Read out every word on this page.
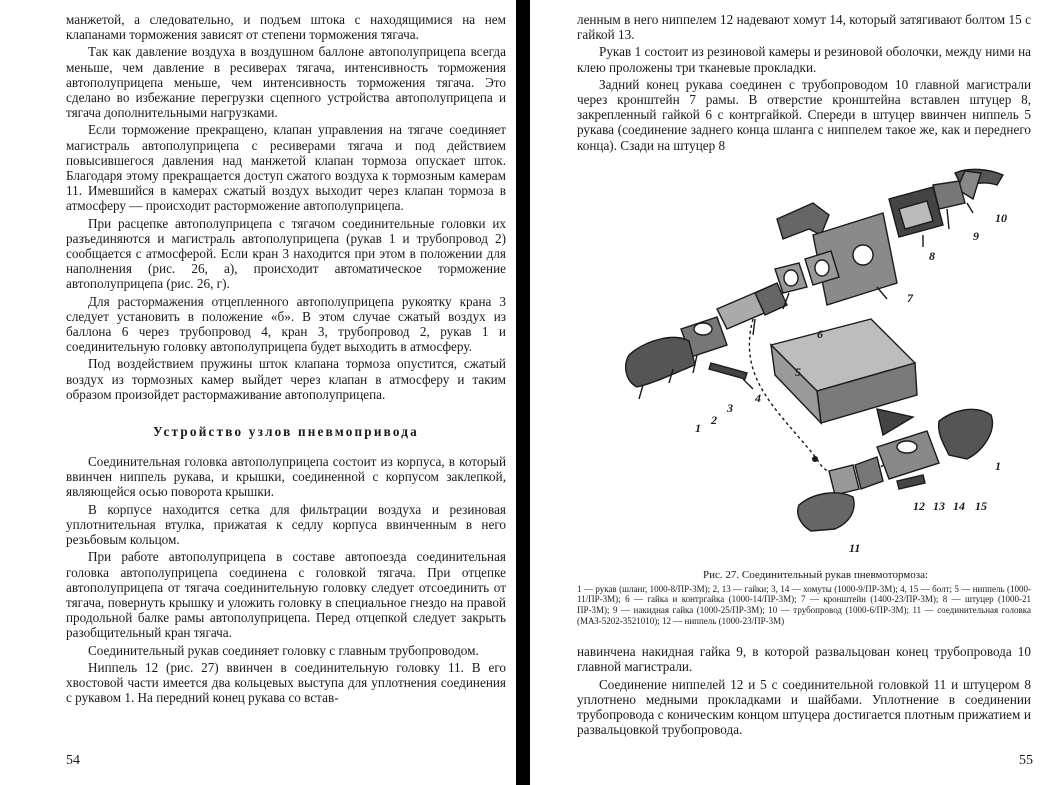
манжетой, а следовательно, и подъем штока с находящимися на нем клапанами торможения зависят от степени торможения тягача.

Так как давление воздуха в воздушном баллоне автополуприцепа всегда меньше, чем давление в ресиверах тягача, интенсивность торможения автополуприцепа меньше, чем интенсивность торможения тягача. Это сделано во избежание перегрузки сцепного устройства автополуприцепа и тягача дополнительными нагрузками.

Если торможение прекращено, клапан управления на тягаче соединяет магистраль автополуприцепа с ресиверами тягача и под действием повысившегося давления над манжетой клапан тормоза опускает шток. Благодаря этому прекращается доступ сжатого воздуха к тормозным камерам 11. Имевшийся в камерах сжатый воздух выходит через клапан тормоза в атмосферу — происходит расторможение автополуприцепа.

При расцепке автополуприцепа с тягачом соединительные головки их разъединяются и магистраль автополуприцепа (рукав 1 и трубопровод 2) сообщается с атмосферой. Если кран 3 находится при этом в положении для наполнения (рис. 26, а), происходит автоматическое торможение автополуприцепа (рис. 26, г).

Для растормажения отцепленного автополуприцепа рукоятку крана 3 следует установить в положение «б». В этом случае сжатый воздух из баллона 6 через трубопровод 4, кран 3, трубопровод 2, рукав 1 и соединительную головку автополуприцепа будет выходить в атмосферу.

Под воздействием пружины шток клапана тормоза опустится, сжатый воздух из тормозных камер выйдет через клапан в атмосферу и таким образом произойдет растормаживание автополуприцепа.

Устройство узлов пневмопривода

Соединительная головка автополуприцепа состоит из корпуса, в который ввинчен ниппель рукава, и крышки, соединенной с корпусом заклепкой, являющейся осью поворота крышки.

В корпусе находится сетка для фильтрации воздуха и резиновая уплотнительная втулка, прижатая к седлу корпуса ввинченным в него резьбовым кольцом.

При работе автополуприцепа в составе автопоезда соединительная головка автополуприцепа соединена с головкой тягача. При отцепке автополуприцепа от тягача соединительную головку следует отсоединить от тягача, повернуть крышку и уложить головку в специальное гнездо на правой продольной балке рамы автополуприцепа. Перед отцепкой следует закрыть разобщительный кран тягача.

Соединительный рукав соединяет головку с главным трубопроводом.

Ниппель 12 (рис. 27) ввинчен в соединительную головку 11. В его хвостовой части имеется два кольцевых выступа для уплотнения соединения с рукавом 1. На передний конец рукава со встав-

54

ленным в него ниппелем 12 надевают хомут 14, который затягивают болтом 15 с гайкой 13.

Рукав 1 состоит из резиновой камеры и резиновой оболочки, между ними на клею проложены три тканевые прокладки.

Задний конец рукава соединен с трубопроводом 10 главной магистрали через кронштейн 7 рамы. В отверстие кронштейна вставлен штуцер 8, закрепленный гайкой 6 с контргайкой. Спереди в штуцер ввинчен ниппель 5 рукава (соединение заднего конца шланга с ниппелем такое же, как и переднего конца). Сзади на штуцер 8

10
9
8
7
6
5
3
4
2
1
1
12 13 14 15
11
Рис. 27. Соединительный рукав пневмотормоза:
1 — рукав (шланг, 1000-8/ПР-3М); 2, 13 — гайки; 3, 14 — хомуты (1000-9/ПР-3М); 4, 15 — болт; 5 — ниппель (1000-11/ПР-3М); 6 — гайка и контргайка (1000-14/ПР-3М); 7 — кронштейн (1400-23/ПР-3М); 8 — штуцер (1000-21 ПР-3М); 9 — накидная гайка (1000-25/ПР-3М); 10 — трубопровод (1000-6/ПР-3М); 11 — соединительная головка (МАЗ-5202-3521010); 12 — ниппель (1000-23/ПР-3М)

навинчена накидная гайка 9, в которой развальцован конец трубопровода 10 главной магистрали.

Соединение ниппелей 12 и 5 с соединительной головкой 11 и штуцером 8 уплотнено медными прокладками и шайбами. Уплотнение в соединении трубопровода с коническим концом штуцера достигается плотным прижатием и развальцовкой трубопровода.

55
